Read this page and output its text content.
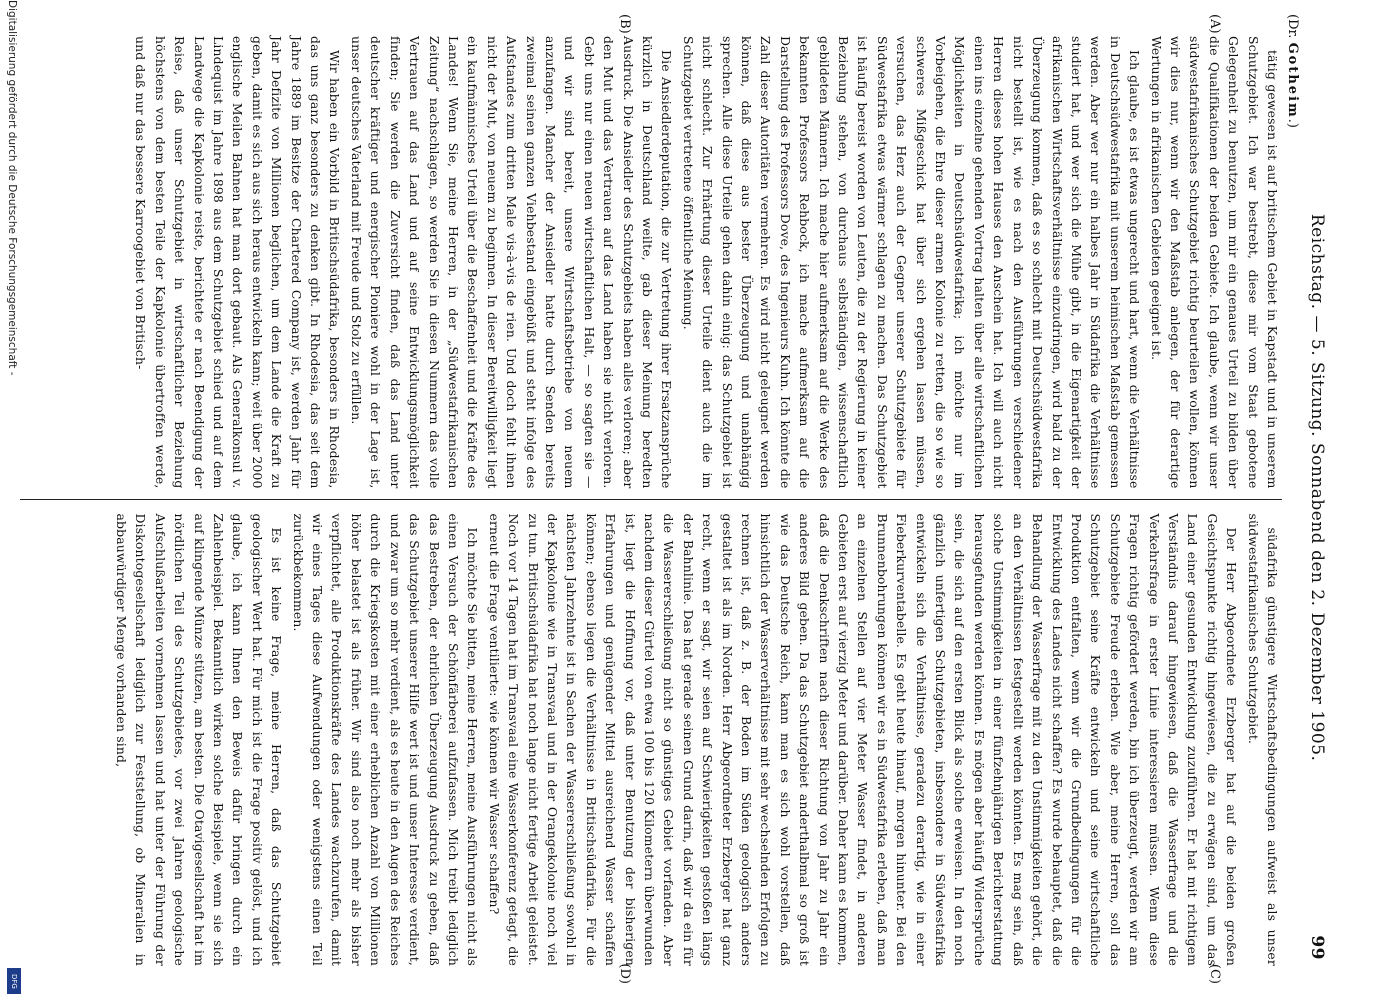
Reichstag. — 5. Sitzung. Sonnabend den 2. Dezember 1905.
99
(Dr. Gotheim.)
(A)
(B)

tätig gewesen ist auf britischem Gebiet in Kapstadt und in unserem Schutzgebiet. Ich war bestrebt, diese mir vom Staat gebotene Gelegenheit zu benutzen, um mir ein genaues Urteil zu bilden über die Qualifikationen der beiden Gebiete. Ich glaube, wenn wir unser südwestafrikanisches Schutzgebiet richtig beurteilen wollen, können wir dies nur, wenn wir den Maßstab anlegen, der für derartige Wertungen in afrikanischen Gebieten geeignet ist.

Ich glaube, es ist etwas ungerecht und hart, wenn die Verhältnisse in Deutschsüdwestafrika mit unserem heimischen Maßstab gemessen werden. Aber wer nur ein halbes Jahr in Südafrika die Verhältnisse studiert hat, und wer sich die Mühe gibt, in die Eigenartigkeit der afrikanischen Wirtschaftsverhältnisse einzudringen, wird bald zu der Überzeugung kommen, daß es so schlecht mit Deutschsüdwestafrika nicht bestellt ist, wie es nach den Ausführungen verschiedener Herren dieses hohen Hauses den Anschein hat. Ich will auch nicht einen ins einzelne gehenden Vortrag halten über alle wirtschaftlichen Möglichkeiten in Deutschsüdwestafrika; ich möchte nur im Vorbeigehen, die Ehre dieser armen Kolonie zu retten, die so wie so schweres Mißgeschick hat über sich ergehen lassen müssen, versuchen, das Herz auch der Gegner unserer Schutzgebiete für Südwestafrika etwas wärmer schlagen zu machen. Das Schutzgebiet ist häufig bereist worden von Leuten, die zu der Regierung in keiner Beziehung stehen, von durchaus selbständigen, wissenschaftlich gebildeten Männern. Ich mache hier aufmerksam auf die Werke des bekannten Professors Rehbock, ich mache aufmerksam auf die Darstellung des Professors Dove, des Ingenieurs Kuhn. Ich könnte die Zahl dieser Autoritäten vermehren. Es wird nicht geleugnet werden können, daß diese aus bester Überzeugung und unabhängig sprechen. Alle diese Urteile gehen dahin einig: das Schutzgebiet ist nicht schlecht. Zur Erhärtung dieser Urteile dient auch die im Schutzgebiet vertretene öffentliche Meinung.

Die Ansiedlerdeputation, die zur Vertretung ihrer Ersatzansprüche kürzlich in Deutschland weilte, gab dieser Meinung beredten Ausdruck. Die Ansiedler des Schutzgebiets haben alles verloren; aber den Mut und das Vertrauen auf das Land haben sie nicht verloren. Gebt uns nur einen neuen wirtschaftlichen Halt, — so sagten sie — und wir sind bereit, unsere Wirtschaftsbetriebe von neuem anzufangen. Mancher der Ansiedler hatte durch Senden bereits zweimal seinen ganzen Viehbestand eingebüßt und steht infolge des Aufstandes zum dritten Male vis-à-vis de rien. Und doch fehlt ihnen nicht der Mut, von neuem zu beginnen. In dieser Bereitwilligkeit liegt ein kaufmännisches Urteil über die Beschaffenheit und die Kräfte des Landes! Wenn Sie, meine Herren, in der „Südwestafrikanischen Zeitung“ nachschlagen, so werden Sie in diesen Nummern das volle Vertrauen auf das Land und auf seine Entwicklungsmöglichkeit finden; Sie werden die Zuversicht finden, daß das Land unter deutscher kräftiger und energischer Pioniere wohl in der Lage ist, unser deutsches Vaterland mit Freude und Stolz zu erfüllen.

Wir haben ein Vorbild in Britischsüdafrika, besonders in Rhodesia, das uns ganz besonders zu denken gibt. In Rhodesia, das seit dem Jahre 1889 im Besitze der Chartered Company ist, werden Jahr für Jahr Defizite von Millionen beglichen, um dem Lande die Kraft zu geben, damit es sich aus sich heraus entwickeln kann; weit über 2000 englische Meilen Bahnen hat man dort gebaut. Als Generalkonsul v. Lindequist im Jahre 1898 aus dem Schutzgebiet schied und auf dem Landwege die Kapkolonie reiste, berichtete er nach Beendigung der Reise, daß unser Schutzgebiet in wirtschaftlicher Beziehung höchstens von dem besten Teile der Kapkolonie übertroffen werde, und daß nur das bessere Karroogebiet von Britisch-

(C)
(D)

südafrika günstigere Wirtschaftsbedingungen aufweist als unser südwestafrikanisches Schutzgebiet.

Der Herr Abgeordnete Erzberger hat auf die beiden großen Gesichtspunkte richtig hingewiesen, die zu erwägen sind, um das Land einer gesunden Entwicklung zuzuführen. Er hat mit richtigem Verständnis darauf hingewiesen, daß die Wasserfrage und die Verkehrsfrage in erster Linie interessieren müssen. Wenn diese Fragen richtig gefördert werden, bin ich überzeugt, werden wir am Schutzgebiete Freude erleben. Wie aber, meine Herren, soll das Schutzgebiet seine Kräfte entwickeln und seine wirtschaftliche Produktion entfalten, wenn wir die Grundbedingungen für die Entwicklung des Landes nicht schaffen? Es wurde behauptet, daß die Behandlung der Wasserfrage mit zu den Unstimmigkeiten gehört, die an den Verhältnissen festgestellt werden könnten. Es mag sein, daß solche Unstimmigkeiten in einer fünfzehnjährigen Berichterstattung herausgefunden werden können. Es mögen aber häufig Widersprüche sein, die sich auf den ersten Blick als solche erweisen. In den noch gänzlich unfertigen Schutzgebieten, insbesondere in Südwestafrika entwickeln sich die Verhältnisse, geradezu derartig, wie in einer Fieberkurventabelle. Es geht heute hinauf, morgen hinunter. Bei den Brunnenbohrungen können wir es in Südwestafrika erleben, daß man an einzelnen Stellen auf vier Meter Wasser findet, in anderen Gebieten erst auf vierzig Meter und darüber. Daher kann es kommen, daß die Denkschriften nach dieser Richtung von Jahr zu Jahr ein anderes Bild geben. Da das Schutzgebiet anderthalbmal so groß ist wie das Deutsche Reich, kann man es sich wohl vorstellen, daß hinsichtlich der Wasserverhältnisse mit sehr wechselnden Erfolgen zu rechnen ist, daß z. B. der Boden im Süden geologisch anders gestaltet ist als im Norden. Herr Abgeordneter Erzberger hat ganz recht, wenn er sagt, wir seien auf Schwierigkeiten gestoßen längs der Bahnlinie. Das hat gerade seinen Grund darin, daß wir da ein für die Wassererschließung nicht so günstiges Gebiet vorfanden. Aber nachdem dieser Gürtel von etwa 100 bis 120 Kilometern überwunden ist, liegt die Hoffnung vor, daß unter Benutzung der bisherigen Erfahrungen und genügender Mittel ausreichend Wasser schaffen können; ebenso liegen die Verhältnisse in Britischsüdafrika. Für die nächsten Jahrzehnte ist in Sachen der Wassererschließung sowohl in der Kapkolonie wie in Transvaal und in der Orangekolonie noch viel zu tun. Britischsüdafrika hat noch lange nicht fertige Arbeit geleistet. Noch vor 14 Tagen hat im Transvaal eine Wasserkonferenz getagt, die erneut die Frage ventilierte: wie können wir Wasser schaffen?

Ich möchte Sie bitten, meine Herren, meine Ausführungen nicht als einen Versuch der Schönfärberei aufzufassen. Mich treibt lediglich das Bestreben, der ehrlichen Überzeugung Ausdruck zu geben, daß das Schutzgebiet unserer Hilfe wert ist und unser Interesse verdient, und zwar um so mehr verdient, als es heute in den Augen des Reiches durch die Kriegskosten mit einer erheblichen Anzahl von Millionen höher belastet ist als früher. Wir sind also noch mehr als bisher verpflichtet, alle Produktionskräfte des Landes wachzurufen, damit wir eines Tages diese Aufwendungen oder wenigstens einen Teil zurückbekommen.

Es ist keine Frage, meine Herren, daß das Schutzgebiet geologischer Wert hat. Für mich ist die Frage positiv gelöst, und ich glaube, ich kann Ihnen den Beweis dafür bringen durch ein Zahlenbeispiel. Bekanntlich wirken solche Beispiele, wenn sie sich auf klingende Münze stützen, am besten. Die Otavigesellschaft hat im nördlichen Teil des Schutzgebietes, vor zwei Jahren geologische Aufschlußarbeiten vornehmen lassen und hat unter der Führung der Diskontogesellschaft lediglich zur Feststellung, ob Mineralien in abbauwürdiger Menge vorhanden sind,

Digitalisierung gefördert durch die Deutsche Forschungsgemeinschaft -
DFG
